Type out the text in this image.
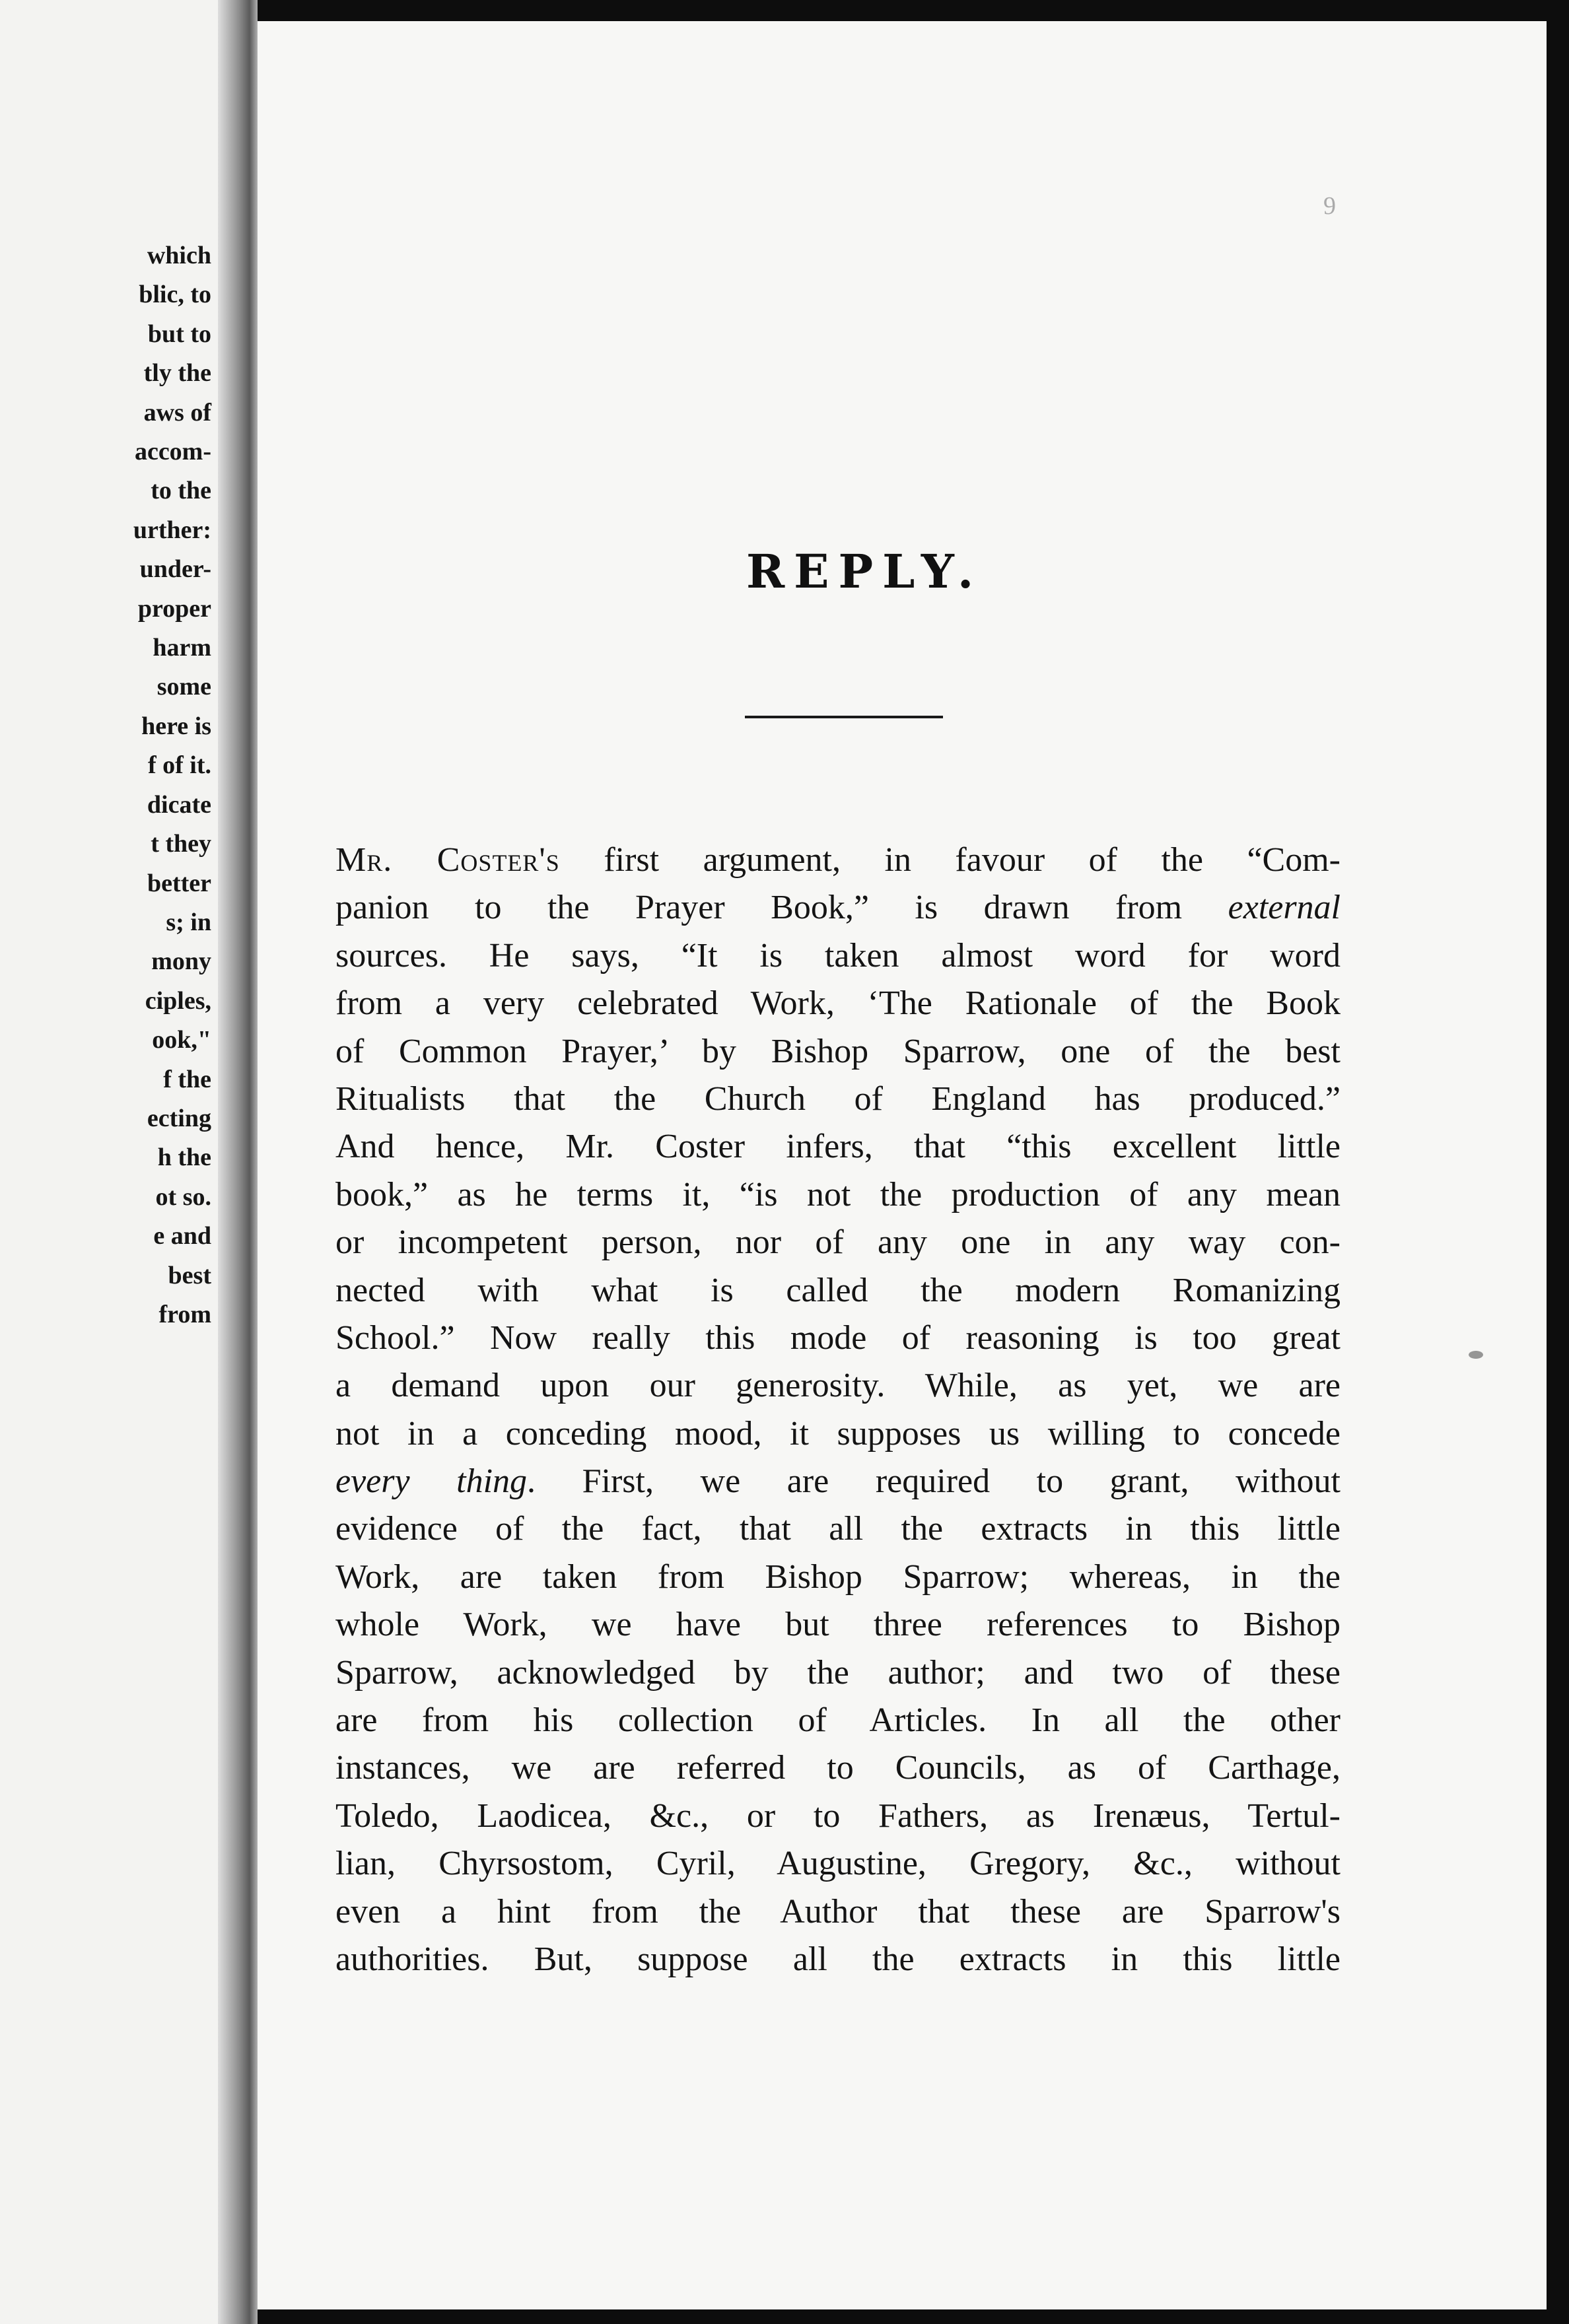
which
blic, to
but to
tly the
aws of
accom-
to the
urther:
under-
proper
harm
some
here is
f of it.
dicate
t they
better
s; in
mony
ciples,
ook,"
f the
ecting
h the
ot so.
e and
best
from
9
REPLY.
Mr. Coster's first argument, in favour of the “Com-
panion to the Prayer Book,” is drawn from external
sources. He says, “It is taken almost word for word
from a very celebrated Work, ‘The Rationale of the Book
of Common Prayer,’ by Bishop Sparrow, one of the best
Ritualists that the Church of England has produced.”
And hence, Mr. Coster infers, that “this excellent little
book,” as he terms it, “is not the production of any mean
or incompetent person, nor of any one in any way con-
nected with what is called the modern Romanizing
School.” Now really this mode of reasoning is too great
a demand upon our generosity. While, as yet, we are
not in a conceding mood, it supposes us willing to concede
every thing. First, we are required to grant, without
evidence of the fact, that all the extracts in this little
Work, are taken from Bishop Sparrow; whereas, in the
whole Work, we have but three references to Bishop
Sparrow, acknowledged by the author; and two of these
are from his collection of Articles. In all the other
instances, we are referred to Councils, as of Carthage,
Toledo, Laodicea, &c., or to Fathers, as Irenæus, Tertul-
lian, Chyrsostom, Cyril, Augustine, Gregory, &c., without
even a hint from the Author that these are Sparrow's
authorities. But, suppose all the extracts in this little
